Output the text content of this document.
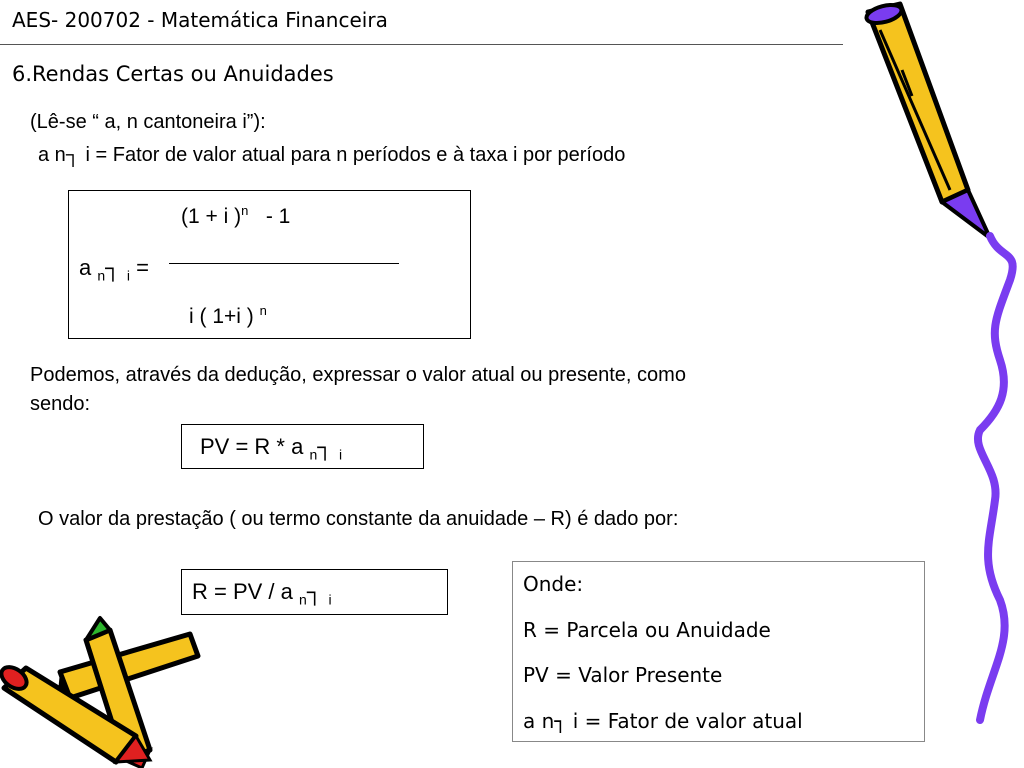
AES- 200702 - Matemática Financeira
6.Rendas Certas ou Anuidades
(Lê-se “ a, n cantoneira i”):
a n┐ i = Fator de valor atual para n períodos e à taxa i por período
(1 + i )$^n$ - 1
a $_n$┐ $_i$ =
i ( 1+i ) $^n$
Podemos, através da dedução, expressar o valor atual ou presente, como
sendo:
PV = R * a $_n$┐ $_i$
O valor da prestação ( ou termo constante da anuidade – R) é dado por:
R = PV / a $_n$┐ $_i$
Onde:
R = Parcela ou Anuidade
PV = Valor Presente
a n┐ i = Fator de valor atual
